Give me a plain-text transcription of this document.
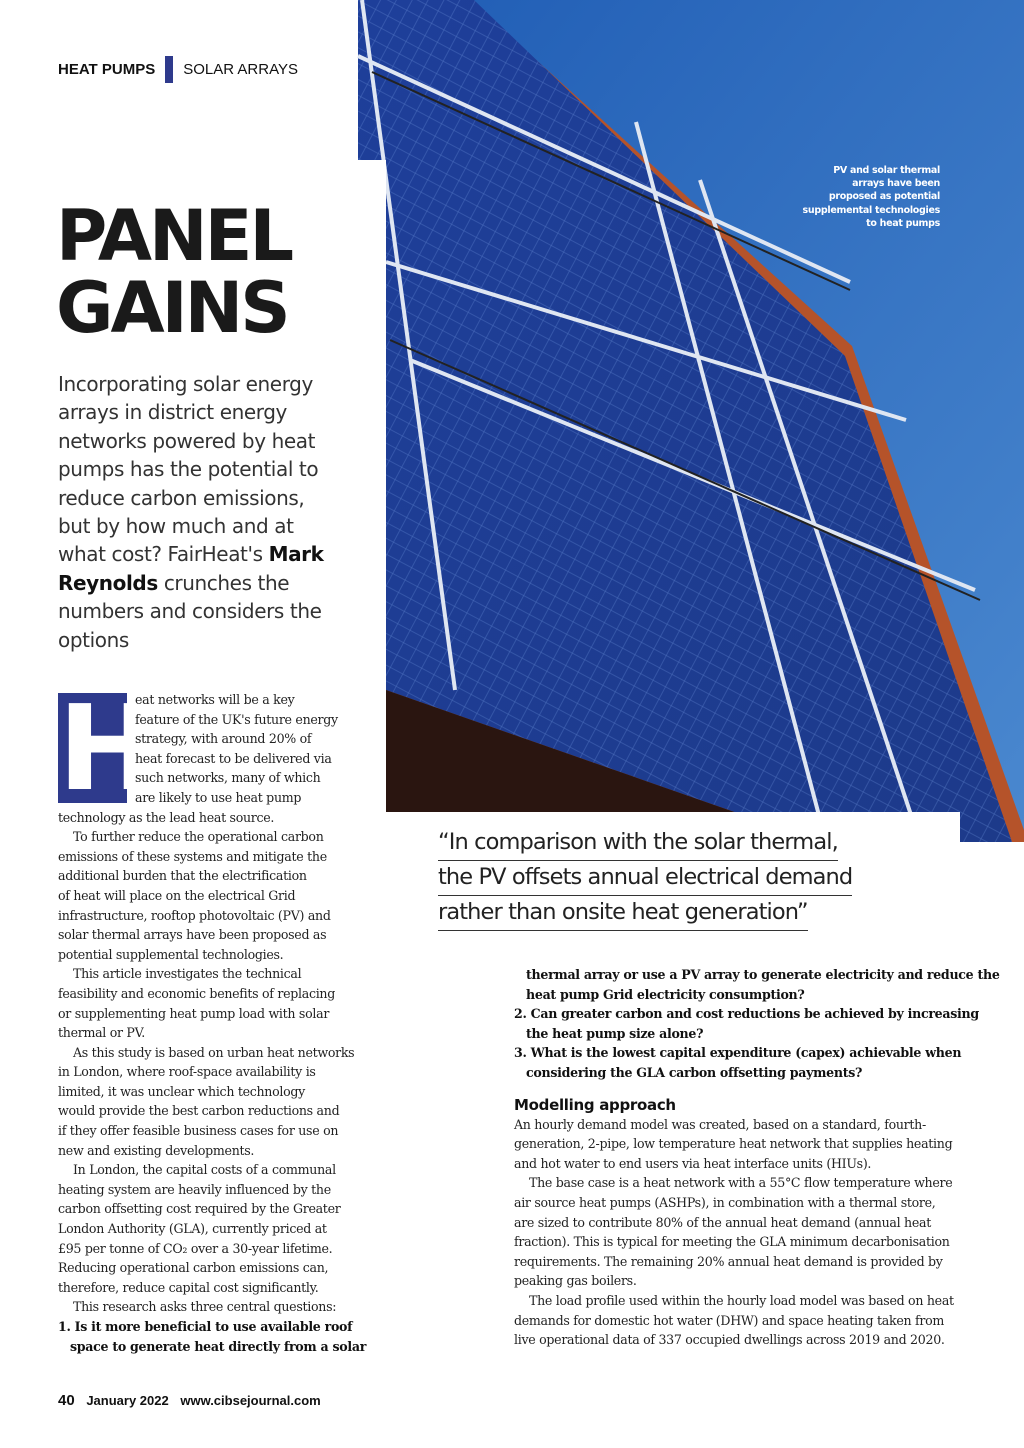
PV and solar thermal
arrays have been
proposed as potential
supplemental technologies
to heat pumps
HEAT PUMPS SOLAR ARRAYS
PANEL
GAINS
Incorporating solar energy arrays in district energy networks powered by heat pumps has the potential to reduce carbon emissions, but by how much and at what cost? FairHeat's Mark Reynolds crunches the numbers and considers the options
H
eat networks will be a key
feature of the UK's future energy
strategy, with around 20% of
heat forecast to be delivered via
such networks, many of which
are likely to use heat pump
technology as the lead heat source.
To further reduce the operational carbon
emissions of these systems and mitigate the
additional burden that the electrification
of heat will place on the electrical Grid
infrastructure, rooftop photovoltaic (PV) and
solar thermal arrays have been proposed as
potential supplemental technologies.
This article investigates the technical
feasibility and economic benefits of replacing
or supplementing heat pump load with solar
thermal or PV.
As this study is based on urban heat networks
in London, where roof-space availability is
limited, it was unclear which technology
would provide the best carbon reductions and
if they offer feasible business cases for use on
new and existing developments.
In London, the capital costs of a communal
heating system are heavily influenced by the
carbon offsetting cost required by the Greater
London Authority (GLA), currently priced at
£95 per tonne of CO₂ over a 30-year lifetime.
Reducing operational carbon emissions can,
therefore, reduce capital cost significantly.
This research asks three central questions:
1. Is it more beneficial to use available roof
space to generate heat directly from a solar
“In comparison with the solar thermal,
the PV offsets annual electrical demand
rather than onsite heat generation”
thermal array or use a PV array to generate electricity and reduce the
heat pump Grid electricity consumption?
2. Can greater carbon and cost reductions be achieved by increasing
the heat pump size alone?
3. What is the lowest capital expenditure (capex) achievable when
considering the GLA carbon offsetting payments?
Modelling approach
An hourly demand model was created, based on a standard, fourth-
generation, 2-pipe, low temperature heat network that supplies heating
and hot water to end users via heat interface units (HIUs).
The base case is a heat network with a 55°C flow temperature where
air source heat pumps (ASHPs), in combination with a thermal store,
are sized to contribute 80% of the annual heat demand (annual heat
fraction). This is typical for meeting the GLA minimum decarbonisation
requirements. The remaining 20% annual heat demand is provided by
peaking gas boilers.
The load profile used within the hourly load model was based on heat
demands for domestic hot water (DHW) and space heating taken from
live operational data of 337 occupied dwellings across 2019 and 2020.
40 January 2022 www.cibsejournal.com
